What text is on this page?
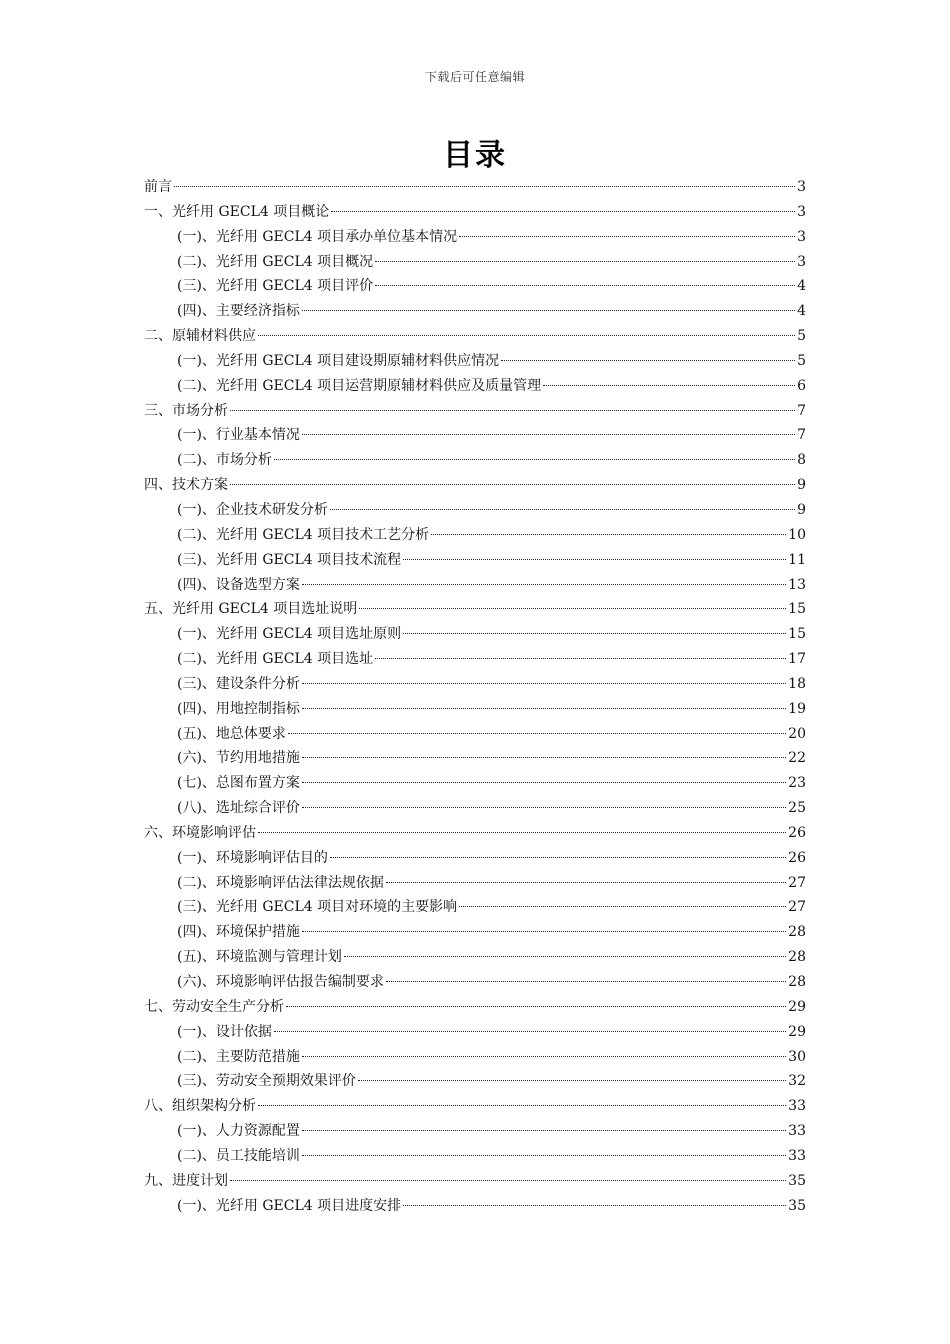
下载后可任意编辑
目录
前言	3
一、光纤用 GECL4 项目概论	3
(一)、光纤用 GECL4 项目承办单位基本情况	3
(二)、光纤用 GECL4 项目概况	3
(三)、光纤用 GECL4 项目评价	4
(四)、主要经济指标	4
二、原辅材料供应	5
(一)、光纤用 GECL4 项目建设期原辅材料供应情况	5
(二)、光纤用 GECL4 项目运营期原辅材料供应及质量管理	6
三、市场分析	7
(一)、行业基本情况	7
(二)、市场分析	8
四、技术方案	9
(一)、企业技术研发分析	9
(二)、光纤用 GECL4 项目技术工艺分析	10
(三)、光纤用 GECL4 项目技术流程	11
(四)、设备选型方案	13
五、光纤用 GECL4 项目选址说明	15
(一)、光纤用 GECL4 项目选址原则	15
(二)、光纤用 GECL4 项目选址	17
(三)、建设条件分析	18
(四)、用地控制指标	19
(五)、地总体要求	20
(六)、节约用地措施	22
(七)、总图布置方案	23
(八)、选址综合评价	25
六、环境影响评估	26
(一)、环境影响评估目的	26
(二)、环境影响评估法律法规依据	27
(三)、光纤用 GECL4 项目对环境的主要影响	27
(四)、环境保护措施	28
(五)、环境监测与管理计划	28
(六)、环境影响评估报告编制要求	28
七、劳动安全生产分析	29
(一)、设计依据	29
(二)、主要防范措施	30
(三)、劳动安全预期效果评价	32
八、组织架构分析	33
(一)、人力资源配置	33
(二)、员工技能培训	33
九、进度计划	35
(一)、光纤用 GECL4 项目进度安排	35
